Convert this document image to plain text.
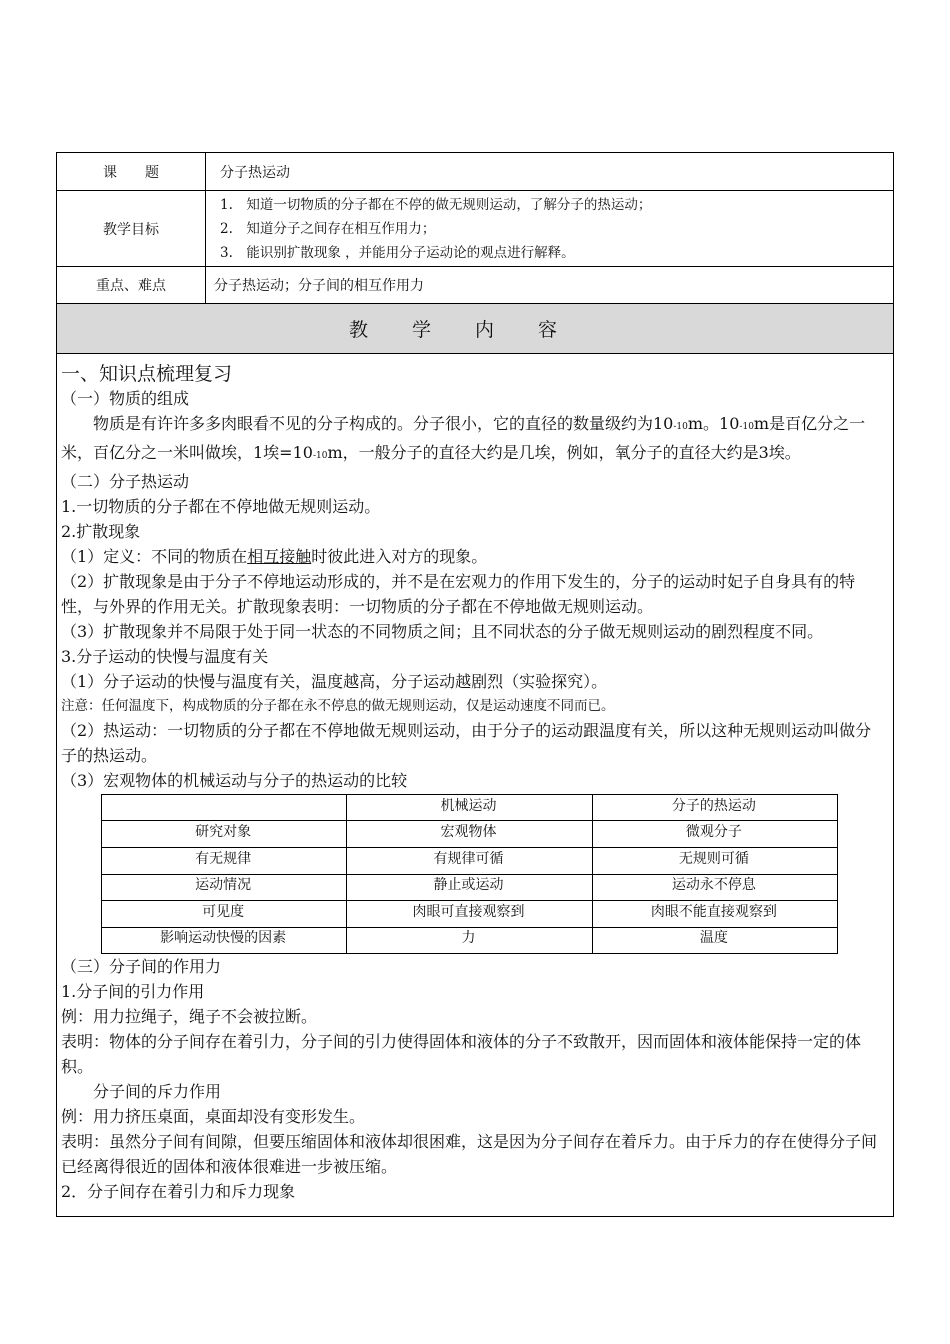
课　　题	分子热运动
教学目标	
1.　知道一切物质的分子都在不停的做无规则运动，了解分子的热运动；
2.　知道分子之间存在相互作用力；
3.　能识别扩散现象 ，并能用分子运动论的观点进行解释。

重点、难点	分子热运动；分子间的相互作用力
教学内容

一、知识点梳理复习

（一）物质的组成

物质是有许许多多肉眼看不见的分子构成的。分子很小，它的直径的数量级约为10-10m。10-10m是百亿分之一米，百亿分之一米叫做埃，1埃=10-10m，一般分子的直径大约是几埃，例如，氧分子的直径大约是3埃。

（二）分子热运动

1.一切物质的分子都在不停地做无规则运动。

2.扩散现象

（1）定义：不同的物质在相互接触时彼此进入对方的现象。

（2）扩散现象是由于分子不停地运动形成的，并不是在宏观力的作用下发生的，分子的运动时妃子自身具有的特性，与外界的作用无关。扩散现象表明：一切物质的分子都在不停地做无规则运动。

（3）扩散现象并不局限于处于同一状态的不同物质之间；且不同状态的分子做无规则运动的剧烈程度不同。

3.分子运动的快慢与温度有关

（1）分子运动的快慢与温度有关，温度越高，分子运动越剧烈（实验探究）。

注意：任何温度下，构成物质的分子都在永不停息的做无规则运动，仅是运动速度不同而已。

（2）热运动：一切物质的分子都在不停地做无规则运动，由于分子的运动跟温度有关，所以这种无规则运动叫做分子的热运动。

（3）宏观物体的机械运动与分子的热运动的比较

	机械运动	分子的热运动
研究对象	宏观物体	微观分子
有无规律	有规律可循	无规则可循
运动情况	静止或运动	运动永不停息
可见度	肉眼可直接观察到	肉眼不能直接观察到
影响运动快慢的因素	力	温度

（三）分子间的作用力

1.分子间的引力作用

例：用力拉绳子，绳子不会被拉断。

表明：物体的分子间存在着引力，分子间的引力使得固体和液体的分子不致散开，因而固体和液体能保持一定的体积。

分子间的斥力作用

例：用力挤压桌面，桌面却没有变形发生。

表明：虽然分子间有间隙，但要压缩固体和液体却很困难，这是因为分子间存在着斥力。由于斥力的存在使得分子间已经离得很近的固体和液体很难进一步被压缩。

2．分子间存在着引力和斥力现象
